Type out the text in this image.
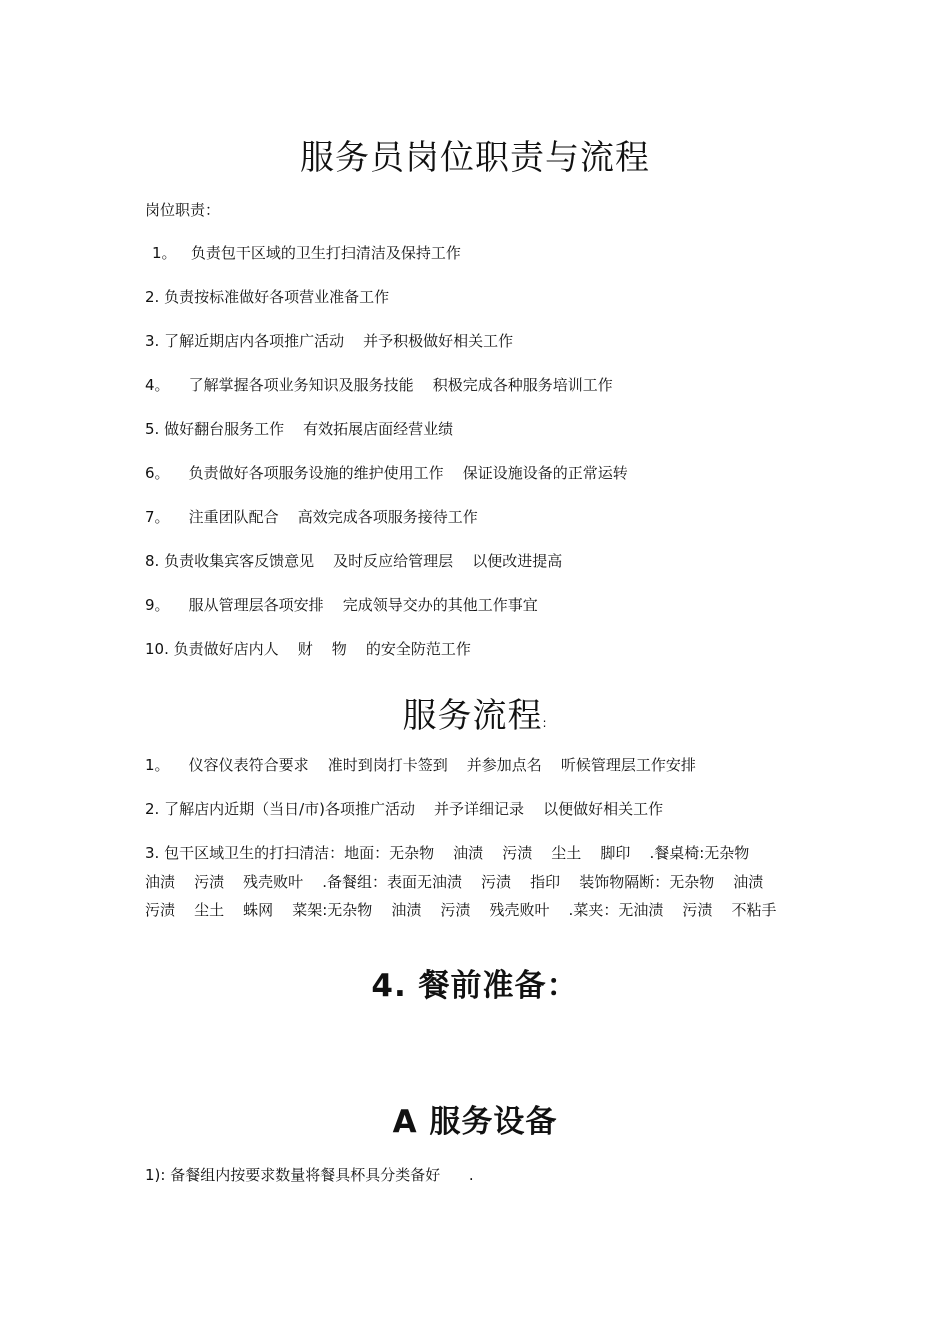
服务员岗位职责与流程

岗位职责：

1。   负责包干区域的卫生打扫清洁及保持工作

2. 负责按标准做好各项营业准备工作

3. 了解近期店内各项推广活动    并予积极做好相关工作

4。    了解掌握各项业务知识及服务技能    积极完成各种服务培训工作

5. 做好翻台服务工作    有效拓展店面经营业绩

6。    负责做好各项服务设施的维护使用工作    保证设施设备的正常运转

7。    注重团队配合    高效完成各项服务接待工作

8. 负责收集宾客反馈意见    及时反应给管理层    以便改进提高

9。    服从管理层各项安排    完成领导交办的其他工作事宜

10. 负责做好店内人    财    物    的安全防范工作

服务流程:

1。    仪容仪表符合要求    准时到岗打卡签到    并参加点名    听候管理层工作安排

2. 了解店内近期（当日/市)各项推广活动    并予详细记录    以便做好相关工作

3. 包干区域卫生的打扫清洁：地面：无杂物    油渍    污渍    尘土    脚印    .餐桌椅:无杂物

油渍    污渍    残壳败叶    .备餐组：表面无油渍    污渍    指印    装饰物隔断：无杂物    油渍

污渍    尘土    蛛网    菜架:无杂物    油渍    污渍    残壳败叶    .菜夹：无油渍    污渍    不粘手

4. 餐前准备：
A 服务设备

1): 备餐组内按要求数量将餐具杯具分类备好      .
